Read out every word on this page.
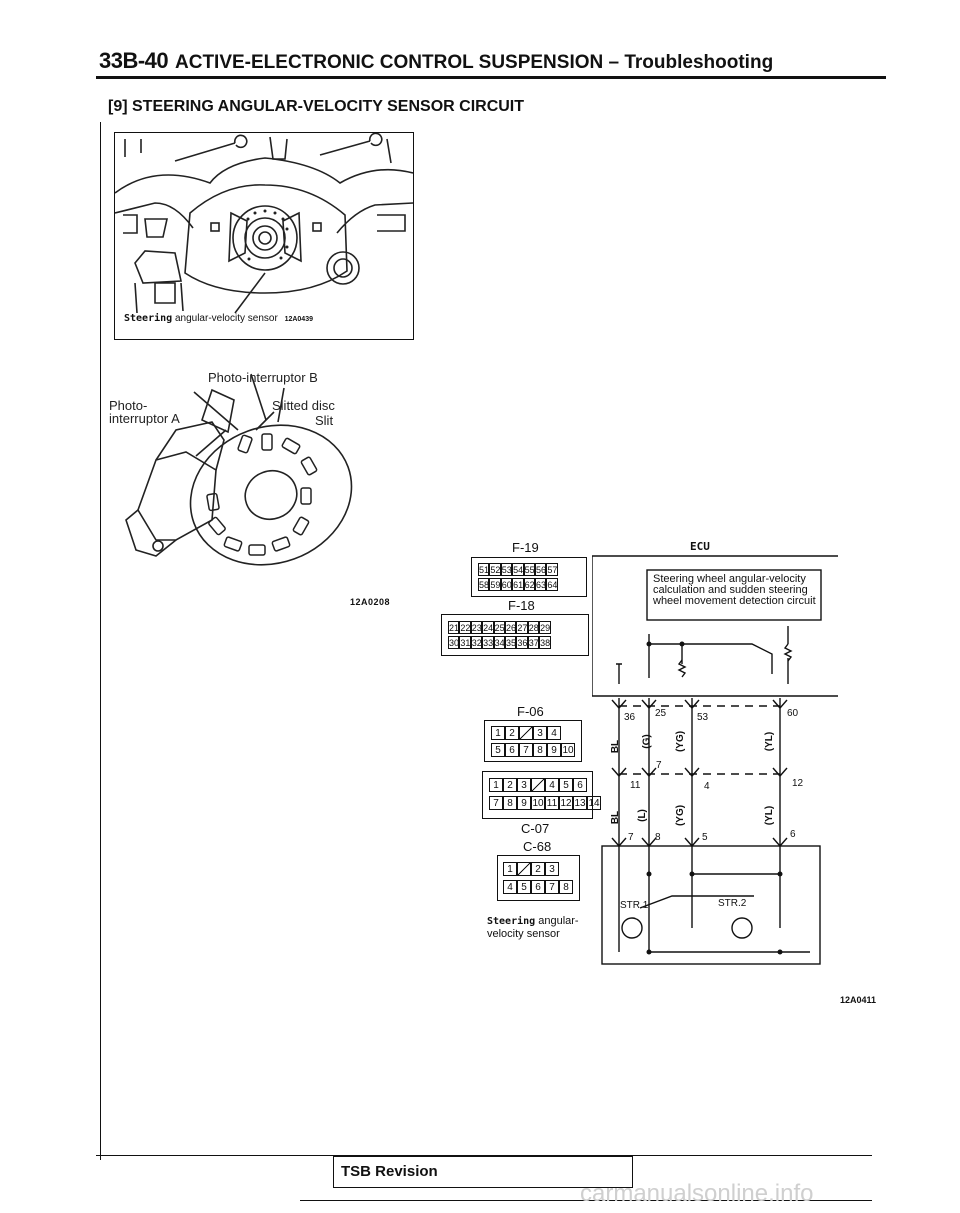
33B-40 ACTIVE-ELECTRONIC CONTROL SUSPENSION – Troubleshooting
[9] STEERING ANGULAR-VELOCITY SENSOR CIRCUIT
Steering angular-velocity sensor 12A0439
Photo-interruptor B
Photo-
interruptor A
Slitted disc
Slit
12A0208
F-19
51 52 53 54 55 56 57
58 59 60 61 62 63 64
F-18
21 22 23 24 25 26 27 28 29
30 31 32 33 34 35 36 37 38
F-06
1 2	3 4
5 6 7 8 9 10
1 2 3	4 5 6
7 8 9 10 11 12 13 14
C-07
C-68
1	2 3
4 5 6 7 8
Steering angular-
velocity sensor
ECU
Steering wheel angular-velocity calculation and sudden steering wheel movement detection circuit
36 25	53	60
7
11	4	12
7 8	5	6
BL (G) (YG)	(YL)
BL (L)	(YG)	(YL)
STR.1	STR.2
12A0411
TSB Revision
carmanualsonline.info
